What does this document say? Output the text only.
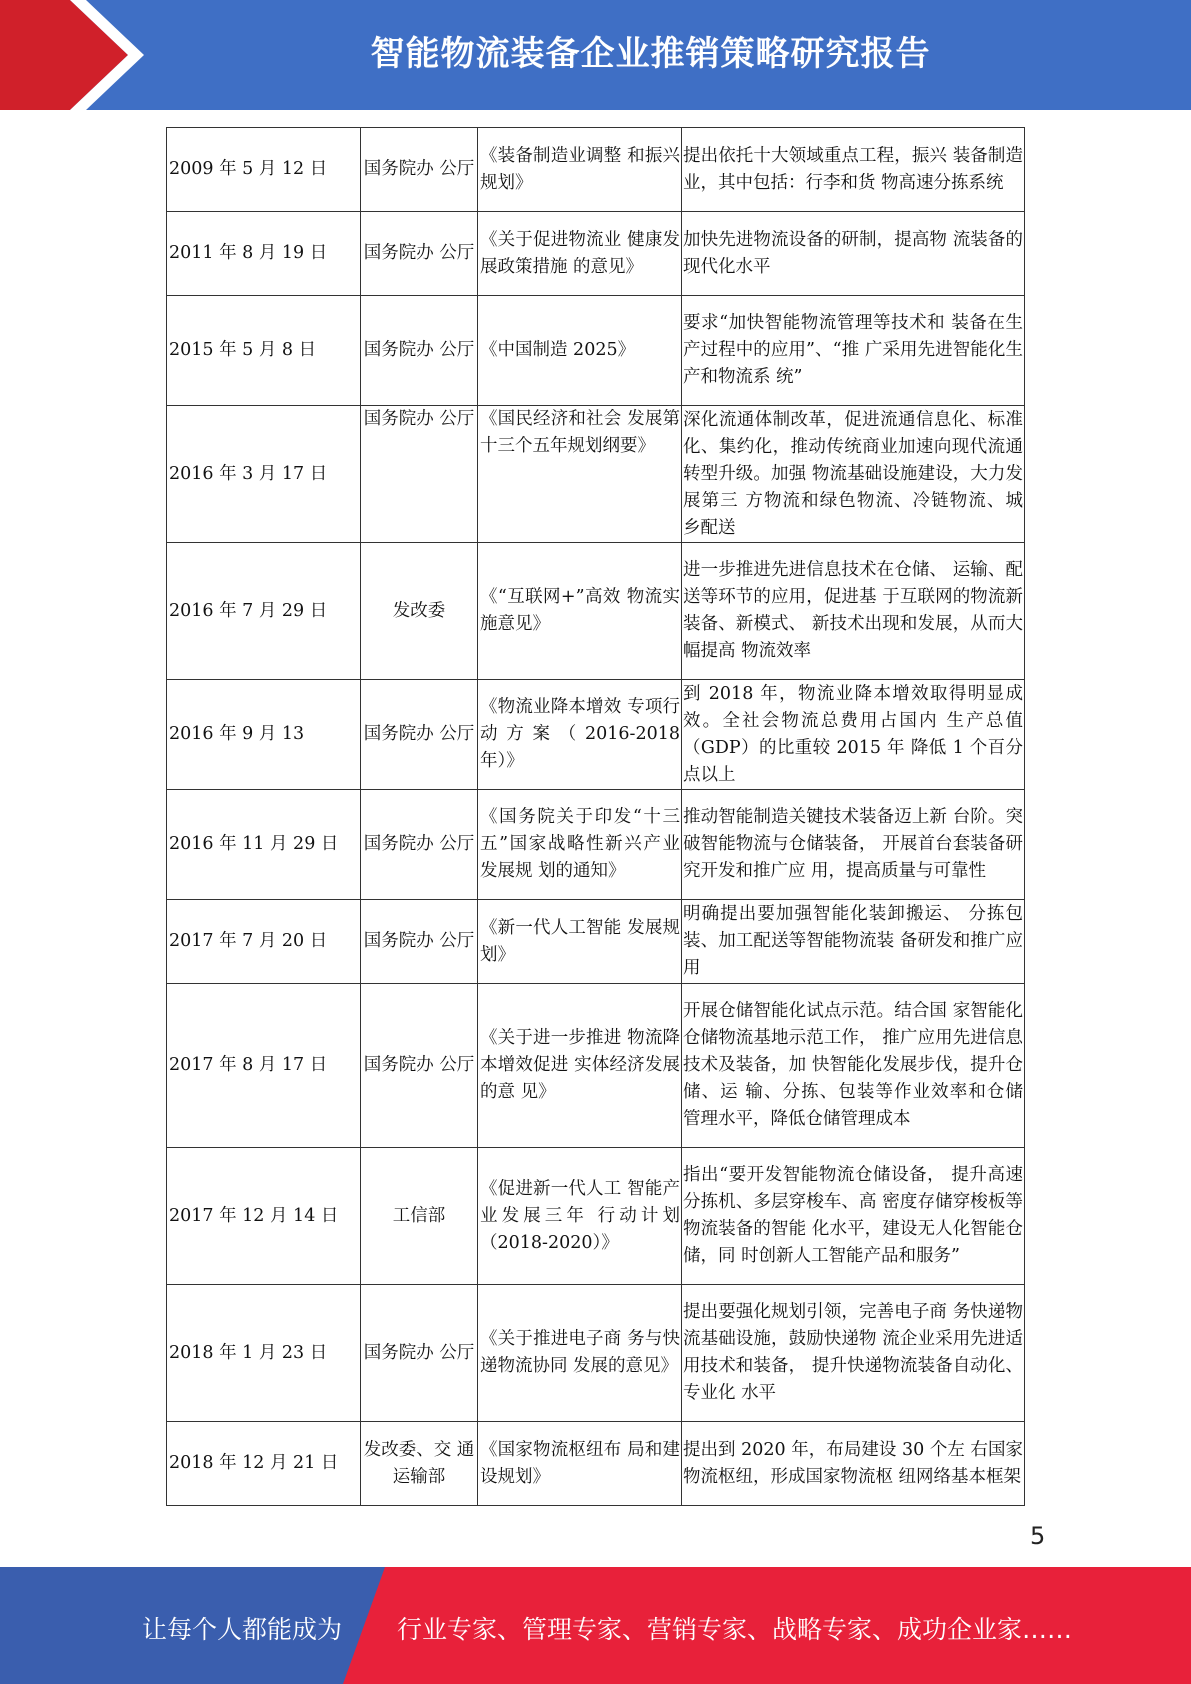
智能物流装备企业推销策略研究报告
2009 年 5 月 12 日	国务院办 公厅	《装备制造业调整 和振兴规划》	提出依托十大领域重点工程，振兴 装备制造业，其中包括：行李和货 物高速分拣系统
2011 年 8 月 19 日	国务院办 公厅	《关于促进物流业 健康发展政策措施 的意见》	加快先进物流设备的研制，提高物 流装备的现代化水平
2015 年 5 月 8 日	国务院办 公厅	《中国制造 2025》	要求“加快智能物流管理等技术和 装备在生产过程中的应用”、“推 广采用先进智能化生产和物流系 统”
2016 年 3 月 17 日	国务院办 公厅	《国民经济和社会 发展第十三个五年规划纲要》	深化流通体制改革，促进流通信息化、标准化、集约化，推动传统商业加速向现代流通转型升级。加强 物流基础设施建设，大力发展第三 方物流和绿色物流、冷链物流、城 乡配送
2016 年 7 月 29 日	发改委	《“互联网+”高效 物流实施意见》	进一步推进先进信息技术在仓储、 运输、配送等环节的应用，促进基 于互联网的物流新装备、新模式、 新技术出现和发展，从而大幅提高 物流效率
2016 年 9 月 13	国务院办 公厅	《物流业降本增效 专项行动方案（2016-2018 年）》	到 2018 年，物流业降本增效取得明显成效。全社会物流总费用占国内 生产总值（GDP）的比重较 2015 年 降低 1 个百分点以上
2016 年 11 月 29 日	国务院办 公厅	《国务院关于印发“十三五”国家战略性新兴产业发展规 划的通知》	推动智能制造关键技术装备迈上新 台阶。突破智能物流与仓储装备， 开展首台套装备研究开发和推广应 用，提高质量与可靠性
2017 年 7 月 20 日	国务院办 公厅	《新一代人工智能 发展规划》	明确提出要加强智能化装卸搬运、 分拣包装、加工配送等智能物流装 备研发和推广应用
2017 年 8 月 17 日	国务院办 公厅	《关于进一步推进 物流降本增效促进 实体经济发展的意 见》	开展仓储智能化试点示范。结合国 家智能化仓储物流基地示范工作， 推广应用先进信息技术及装备，加 快智能化发展步伐，提升仓储、运 输、分拣、包装等作业效率和仓储 管理水平，降低仓储管理成本
2017 年 12 月 14 日	工信部	《促进新一代人工 智能产业发展三年 行动计划（2018-2020）》	指出“要开发智能物流仓储设备， 提升高速分拣机、多层穿梭车、高 密度存储穿梭板等物流装备的智能 化水平，建设无人化智能仓储，同 时创新人工智能产品和服务”
2018 年 1 月 23 日	国务院办 公厅	《关于推进电子商 务与快递物流协同 发展的意见》	提出要强化规划引领，完善电子商 务快递物流基础设施，鼓励快递物 流企业采用先进适用技术和装备， 提升快递物流装备自动化、专业化 水平
2018 年 12 月 21 日	发改委、交 通运输部	《国家物流枢纽布 局和建设规划》	提出到 2020 年，布局建设 30 个左 右国家物流枢纽，形成国家物流枢 纽网络基本框架
5
让每个人都能成为 行业专家、管理专家、营销专家、战略专家、成功企业家……
